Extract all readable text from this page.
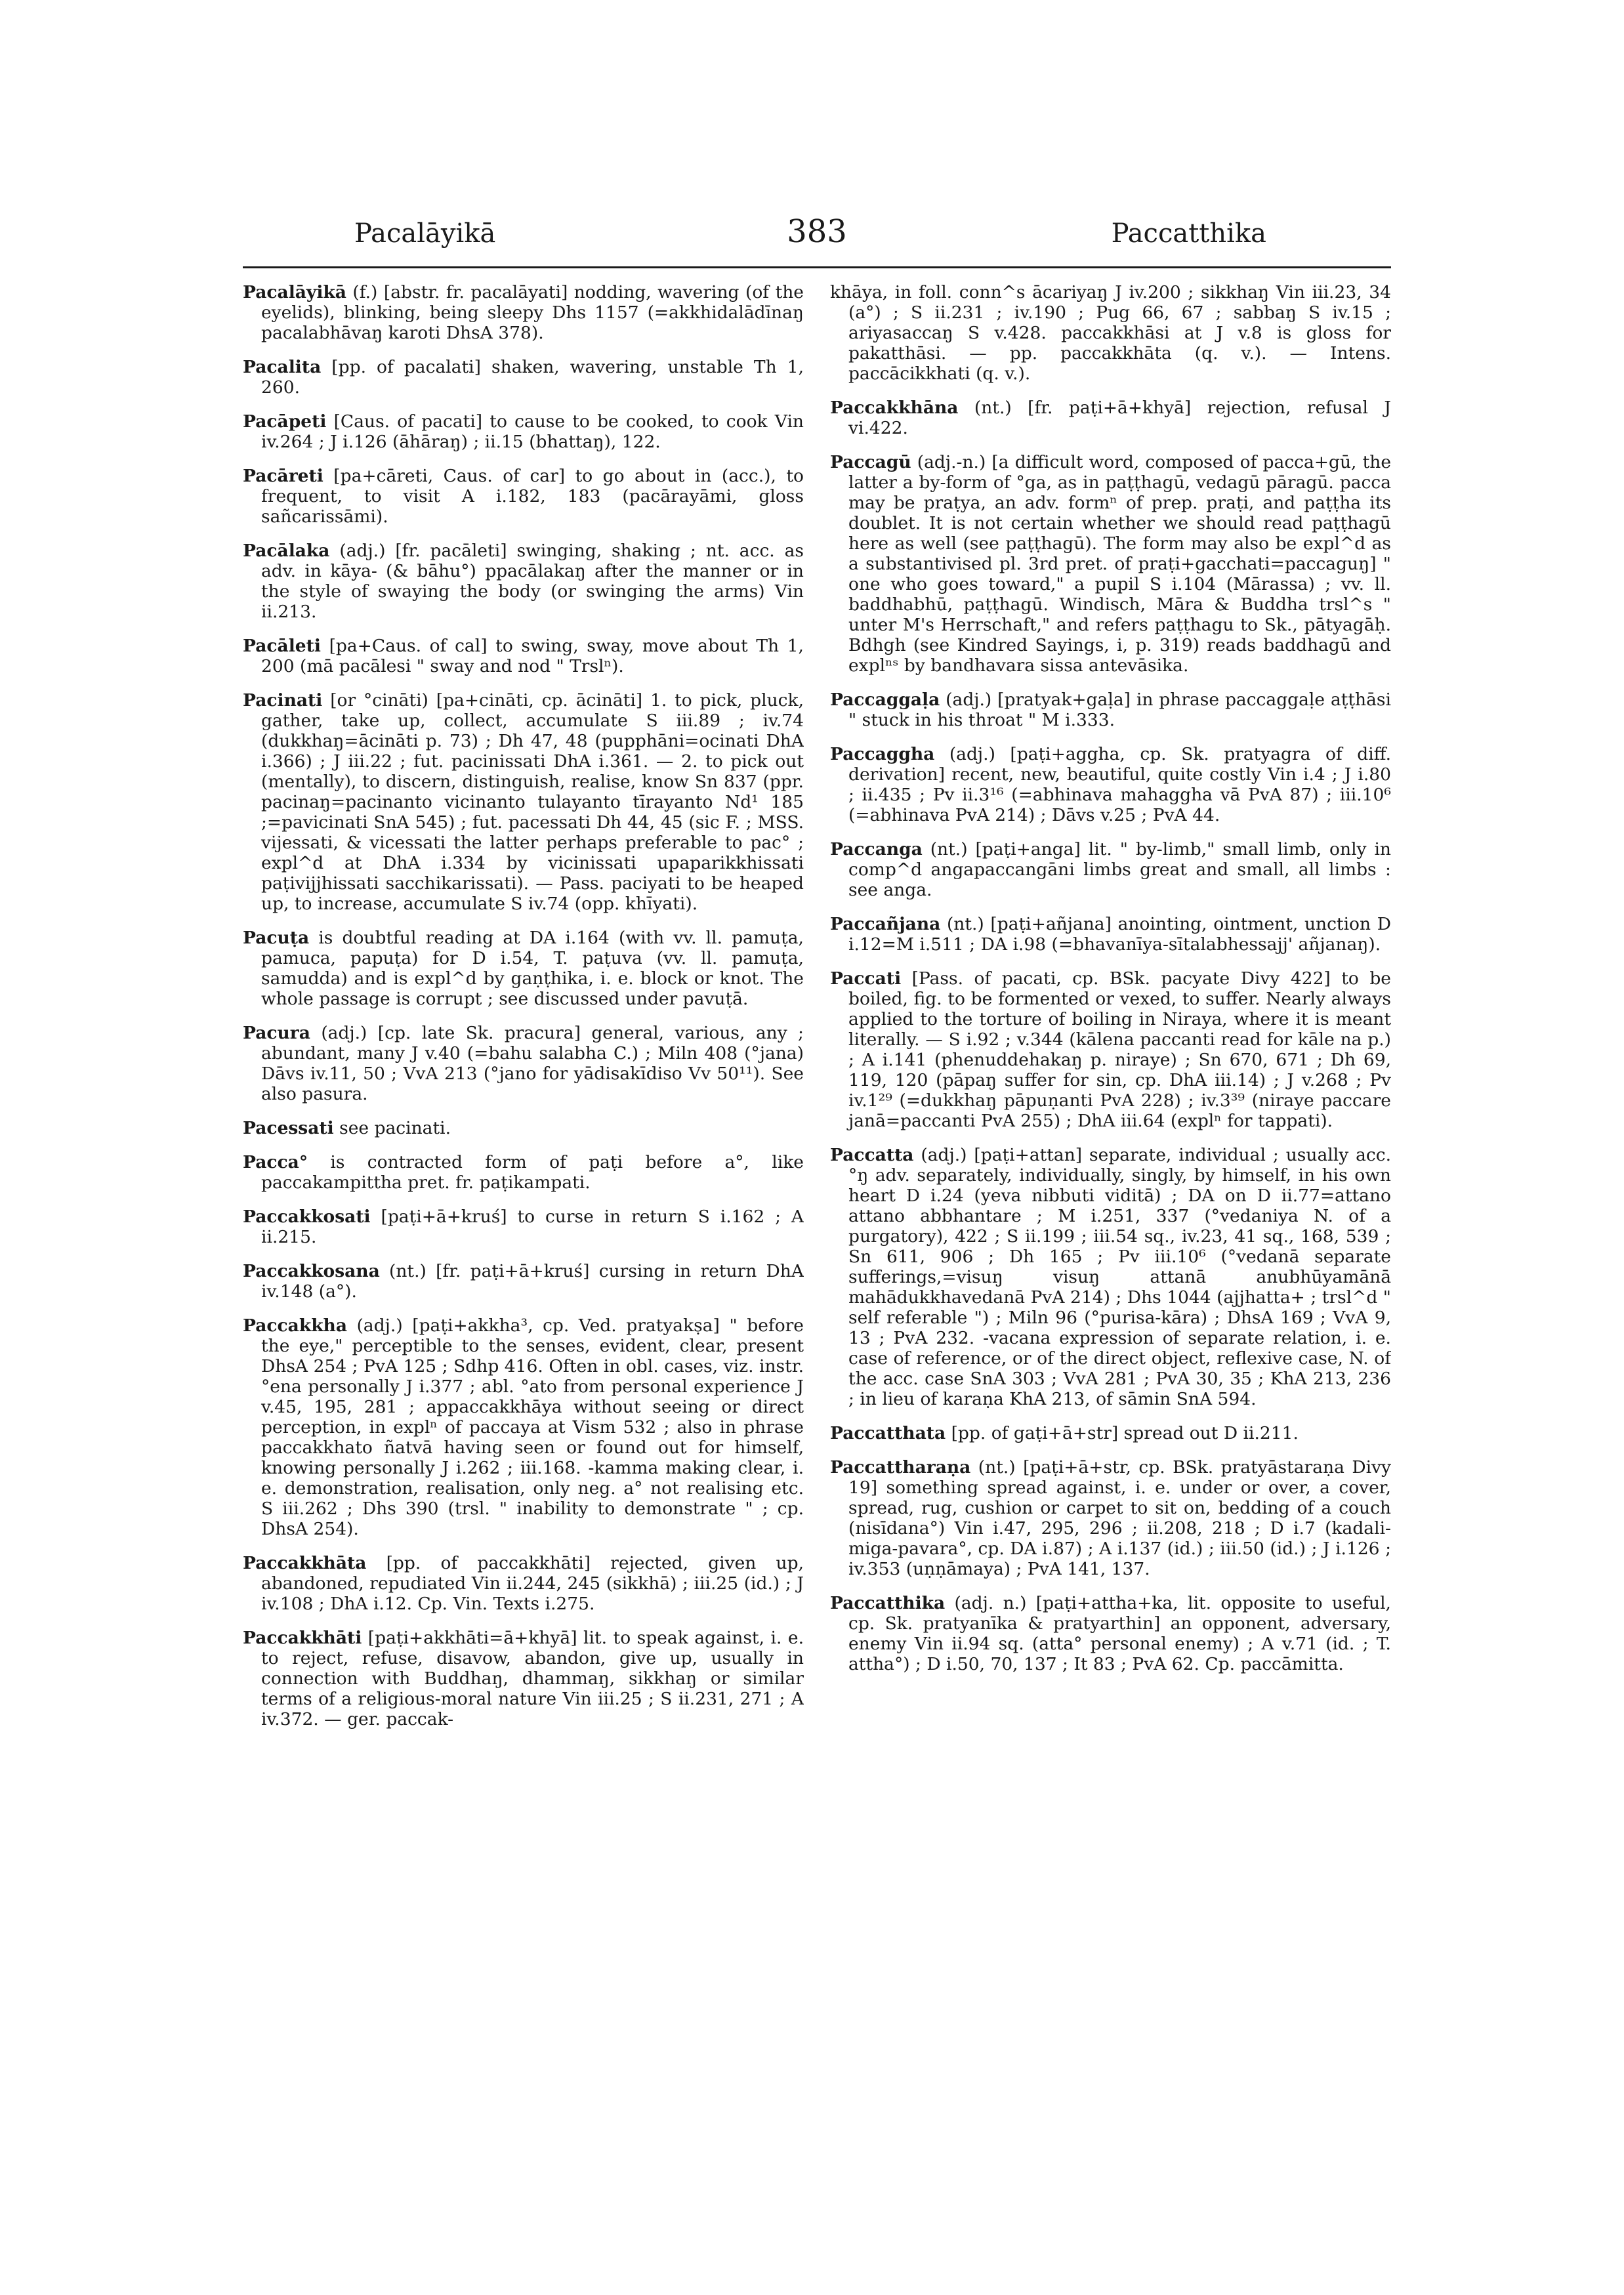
Pacalāyikā	383	Paccatthika

Pacalāyikā (f.) [abstr. fr. pacalāyati] nodding, wavering (of the eyelids), blinking, being sleepy Dhs 1157 (=akkhidalādīnaŋ pacalabhāvaŋ karoti DhsA 378).

Pacalita [pp. of pacalati] shaken, wavering, unstable Th 1, 260.

Pacāpeti [Caus. of pacati] to cause to be cooked, to cook Vin iv.264 ; J i.126 (āhāraŋ) ; ii.15 (bhattaŋ), 122.

Pacāreti [pa+cāreti, Caus. of car] to go about in (acc.), to frequent, to visit A i.182, 183 (pacārayāmi, gloss sañcarissāmi).

Pacālaka (adj.) [fr. pacāleti] swinging, shaking ; nt. acc. as adv. in kāya- (& bāhu°) ppacālakaŋ after the manner or in the style of swaying the body (or swinging the arms) Vin ii.213.

Pacāleti [pa+Caus. of cal] to swing, sway, move about Th 1, 200 (mā pacālesi " sway and nod " Trslⁿ).

Pacinati [or °cināti) [pa+cināti, cp. ācināti] 1. to pick, pluck, gather, take up, collect, accumulate S iii.89 ; iv.74 (dukkhaŋ=ācināti p. 73) ; Dh 47, 48 (pupphāni=ocinati DhA i.366) ; J iii.22 ; fut. pacinissati DhA i.361. — 2. to pick out (mentally), to discern, distinguish, realise, know Sn 837 (ppr. pacinaŋ=pacinanto vicinanto tulayanto tīrayanto Nd¹ 185 ;=pavicinati SnA 545) ; fut. pacessati Dh 44, 45 (sic F. ; MSS. vijessati, & vicessati the latter perhaps preferable to pac° ; expl^d at DhA i.334 by vicinissati upaparikkhissati paṭivijjhissati sacchikarissati). — Pass. paciyati to be heaped up, to increase, accumulate S iv.74 (opp. khīyati).

Pacuṭa is doubtful reading at DA i.164 (with vv. ll. pamuṭa, pamuca, papuṭa) for D i.54, T. paṭuva (vv. ll. pamuṭa, samudda) and is expl^d by gaṇṭhika, i. e. block or knot. The whole passage is corrupt ; see discussed under pavuṭā.

Pacura (adj.) [cp. late Sk. pracura] general, various, any ; abundant, many J v.40 (=bahu salabha C.) ; Miln 408 (°jana) Dāvs iv.11, 50 ; VvA 213 (°jano for yādisakīdiso Vv 50¹¹). See also pasura.

Pacessati see pacinati.

Pacca° is contracted form of paṭi before a°, like paccakampittha pret. fr. paṭikampati.

Paccakkosati [paṭi+ā+kruś] to curse in return S i.162 ; A ii.215.

Paccakkosana (nt.) [fr. paṭi+ā+kruś] cursing in return DhA iv.148 (a°).

Paccakkha (adj.) [paṭi+akkha³, cp. Ved. pratyakṣa] " before the eye," perceptible to the senses, evident, clear, present DhsA 254 ; PvA 125 ; Sdhp 416. Often in obl. cases, viz. instr. °ena personally J i.377 ; abl. °ato from personal experience J v.45, 195, 281 ; appaccakkhāya without seeing or direct perception, in explⁿ of paccaya at Vism 532 ; also in phrase paccakkhato ñatvā having seen or found out for himself, knowing personally J i.262 ; iii.168. -kamma making clear, i. e. demonstration, realisation, only neg. a° not realising etc. S iii.262 ; Dhs 390 (trsl. " inability to demonstrate " ; cp. DhsA 254).

Paccakkhāta [pp. of paccakkhāti] rejected, given up, abandoned, repudiated Vin ii.244, 245 (sikkhā) ; iii.25 (id.) ; J iv.108 ; DhA i.12. Cp. Vin. Texts i.275.

Paccakkhāti [paṭi+akkhāti=ā+khyā] lit. to speak against, i. e. to reject, refuse, disavow, abandon, give up, usually in connection with Buddhaŋ, dhammaŋ, sikkhaŋ or similar terms of a religious-moral nature Vin iii.25 ; S ii.231, 271 ; A iv.372. — ger. paccak-

khāya, in foll. conn^s ācariyaŋ J iv.200 ; sikkhaŋ Vin iii.23, 34 (a°) ; S ii.231 ; iv.190 ; Pug 66, 67 ; sabbaŋ S iv.15 ; ariyasaccaŋ S v.428. paccakkhāsi at J v.8 is gloss for pakatthāsi. — pp. paccakkhāta (q. v.). — Intens. paccācikkhati (q. v.).

Paccakkhāna (nt.) [fr. paṭi+ā+khyā] rejection, refusal J vi.422.

Paccagū (adj.-n.) [a difficult word, composed of pacca+gū, the latter a by-form of °ga, as in paṭṭhagū, vedagū pāragū. pacca may be praṭya, an adv. formⁿ of prep. praṭi, and paṭṭha its doublet. It is not certain whether we should read paṭṭhagū here as well (see paṭṭhagū). The form may also be expl^d as a substantivised pl. 3rd pret. of praṭi+gacchati=paccaguŋ] " one who goes toward," a pupil S i.104 (Mārassa) ; vv. ll. baddhabhū, paṭṭhagū. Windisch, Māra & Buddha trsl^s " unter M's Herrschaft," and refers paṭṭhagu to Sk., pātyagāḥ. Bdhgh (see Kindred Sayings, i, p. 319) reads baddhagū and explⁿˢ by bandhavara sissa antevāsika.

Paccaggaḷa (adj.) [pratyak+gaḷa] in phrase paccaggaḷe aṭṭhāsi " stuck in his throat " M i.333.

Paccaggha (adj.) [paṭi+aggha, cp. Sk. pratyagra of diff. derivation] recent, new, beautiful, quite costly Vin i.4 ; J i.80 ; ii.435 ; Pv ii.3¹⁶ (=abhinava mahaggha vā PvA 87) ; iii.10⁶ (=abhinava PvA 214) ; Dāvs v.25 ; PvA 44.

Paccanga (nt.) [paṭi+anga] lit. " by-limb," small limb, only in comp^d angapaccangāni limbs great and small, all limbs : see anga.

Paccañjana (nt.) [paṭi+añjana] anointing, ointment, unction D i.12=M i.511 ; DA i.98 (=bhavanīya-sītalabhessajj' añjanaŋ).

Paccati [Pass. of pacati, cp. BSk. pacyate Divy 422] to be boiled, fig. to be formented or vexed, to suffer. Nearly always applied to the torture of boiling in Niraya, where it is meant literally. — S i.92 ; v.344 (kālena paccanti read for kāle na p.) ; A i.141 (phenuddehakaŋ p. niraye) ; Sn 670, 671 ; Dh 69, 119, 120 (pāpaŋ suffer for sin, cp. DhA iii.14) ; J v.268 ; Pv iv.1²⁹ (=dukkhaŋ pāpuṇanti PvA 228) ; iv.3³⁹ (niraye paccare janā=paccanti PvA 255) ; DhA iii.64 (explⁿ for tappati).

Paccatta (adj.) [paṭi+attan] separate, individual ; usually acc. °ŋ adv. separately, individually, singly, by himself, in his own heart D i.24 (yeva nibbuti viditā) ; DA on D ii.77=attano attano abbhantare ; M i.251, 337 (°vedaniya N. of a purgatory), 422 ; S ii.199 ; iii.54 sq., iv.23, 41 sq., 168, 539 ; Sn 611, 906 ; Dh 165 ; Pv iii.10⁶ (°vedanā separate sufferings,=visuŋ visuŋ attanā anubhūyamānā mahādukkhavedanā PvA 214) ; Dhs 1044 (ajjhatta+ ; trsl^d " self referable ") ; Miln 96 (°purisa-kāra) ; DhsA 169 ; VvA 9, 13 ; PvA 232. -vacana expression of separate relation, i. e. case of reference, or of the direct object, reflexive case, N. of the acc. case SnA 303 ; VvA 281 ; PvA 30, 35 ; KhA 213, 236 ; in lieu of karaṇa KhA 213, of sāmin SnA 594.

Paccatthata [pp. of gaṭi+ā+str] spread out D ii.211.

Paccattharaṇa (nt.) [paṭi+ā+str, cp. BSk. pratyāstaraṇa Divy 19] something spread against, i. e. under or over, a cover, spread, rug, cushion or carpet to sit on, bedding of a couch (nisīdana°) Vin i.47, 295, 296 ; ii.208, 218 ; D i.7 (kadali-miga-pavara°, cp. DA i.87) ; A i.137 (id.) ; iii.50 (id.) ; J i.126 ; iv.353 (uṇṇāmaya) ; PvA 141, 137.

Paccatthika (adj. n.) [paṭi+attha+ka, lit. opposite to useful, cp. Sk. pratyanīka & pratyarthin] an opponent, adversary, enemy Vin ii.94 sq. (atta° personal enemy) ; A v.71 (id. ; T. attha°) ; D i.50, 70, 137 ; It 83 ; PvA 62. Cp. paccāmitta.
